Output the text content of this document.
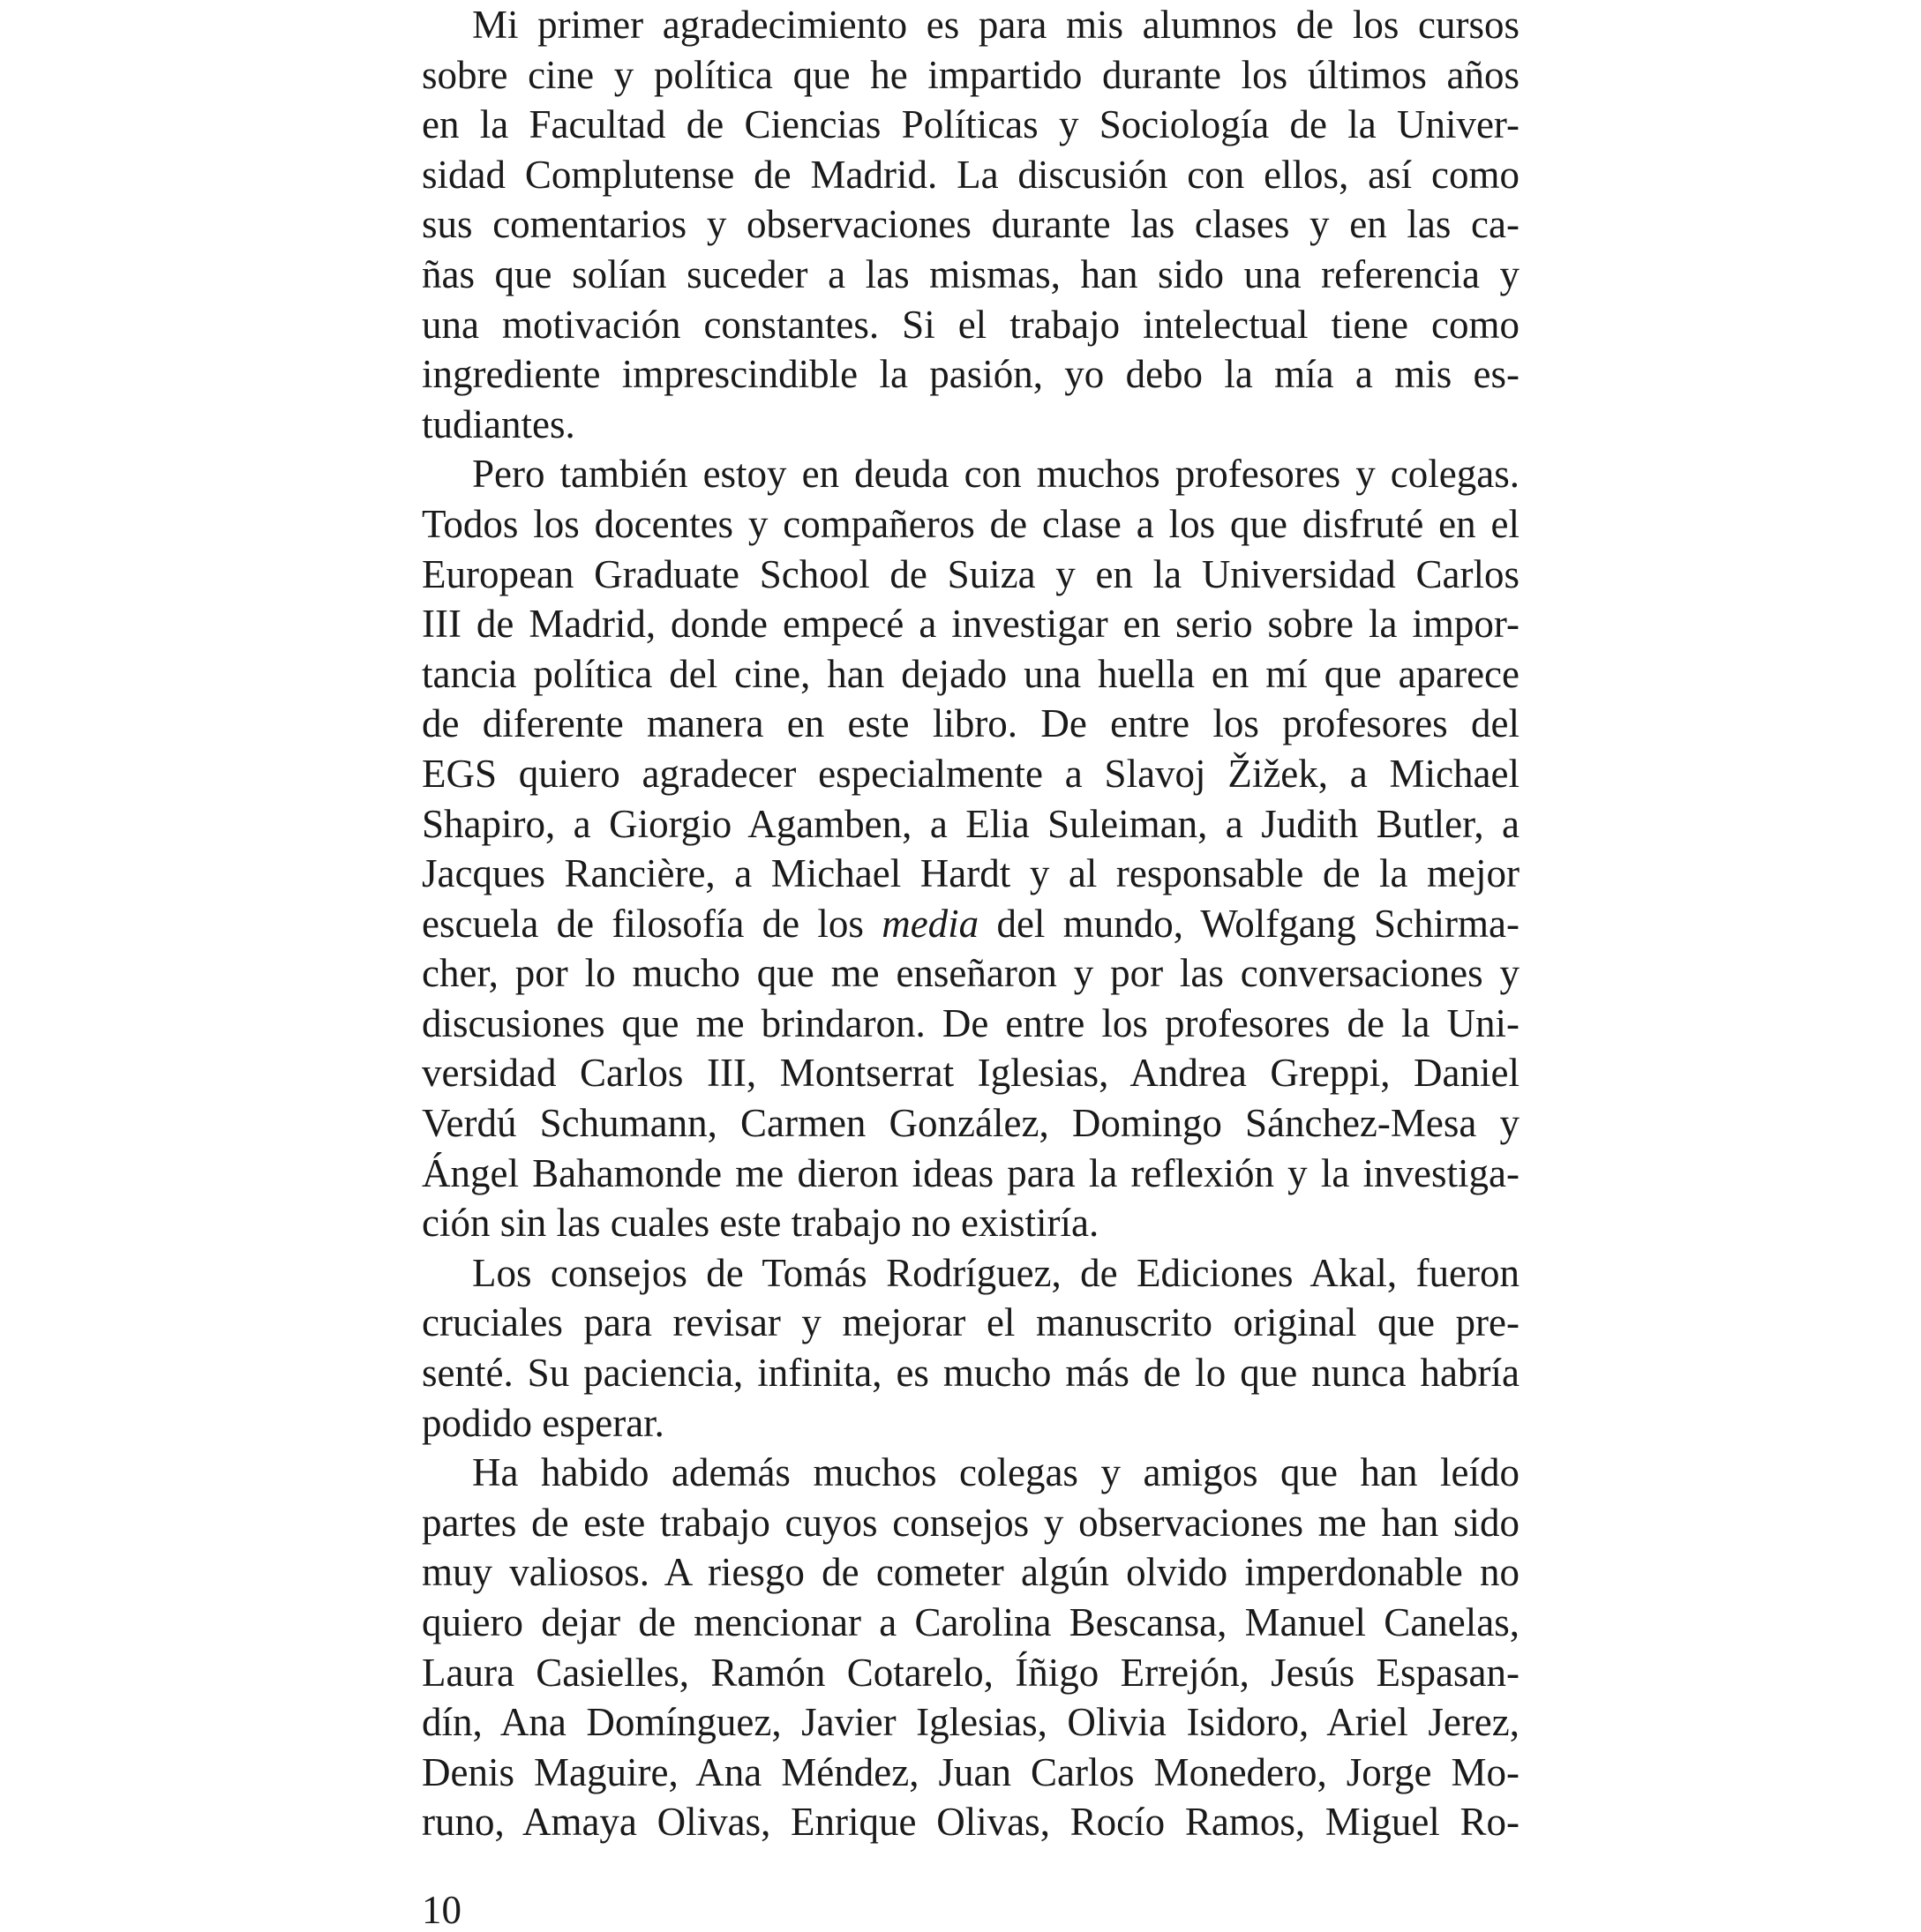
Mi primer agradecimiento es para mis alumnos de los cursos
sobre cine y política que he impartido durante los últimos años
en la Facultad de Ciencias Políticas y Sociología de la Univer-
sidad Complutense de Madrid. La discusión con ellos, así como
sus comentarios y observaciones durante las clases y en las ca-
ñas que solían suceder a las mismas, han sido una referencia y
una motivación constantes. Si el trabajo intelectual tiene como
ingrediente imprescindible la pasión, yo debo la mía a mis es-
tudiantes.
Pero también estoy en deuda con muchos profesores y colegas.
Todos los docentes y compañeros de clase a los que disfruté en el
European Graduate School de Suiza y en la Universidad Carlos
III de Madrid, donde empecé a investigar en serio sobre la impor-
tancia política del cine, han dejado una huella en mí que aparece
de diferente manera en este libro. De entre los profesores del
EGS quiero agradecer especialmente a Slavoj Žižek, a Michael
Shapiro, a Giorgio Agamben, a Elia Suleiman, a Judith Butler, a
Jacques Rancière, a Michael Hardt y al responsable de la mejor
escuela de filosofía de los media del mundo, Wolfgang Schirma-
cher, por lo mucho que me enseñaron y por las conversaciones y
discusiones que me brindaron. De entre los profesores de la Uni-
versidad Carlos III, Montserrat Iglesias, Andrea Greppi, Daniel
Verdú Schumann, Carmen González, Domingo Sánchez-Mesa y
Ángel Bahamonde me dieron ideas para la reflexión y la investiga-
ción sin las cuales este trabajo no existiría.
Los consejos de Tomás Rodríguez, de Ediciones Akal, fueron
cruciales para revisar y mejorar el manuscrito original que pre-
senté. Su paciencia, infinita, es mucho más de lo que nunca habría
podido esperar.
Ha habido además muchos colegas y amigos que han leído
partes de este trabajo cuyos consejos y observaciones me han sido
muy valiosos. A riesgo de cometer algún olvido imperdonable no
quiero dejar de mencionar a Carolina Bescansa, Manuel Canelas,
Laura Casielles, Ramón Cotarelo, Íñigo Errejón, Jesús Espasan-
dín, Ana Domínguez, Javier Iglesias, Olivia Isidoro, Ariel Jerez,
Denis Maguire, Ana Méndez, Juan Carlos Monedero, Jorge Mo-
runo, Amaya Olivas, Enrique Olivas, Rocío Ramos, Miguel Ro-
10
